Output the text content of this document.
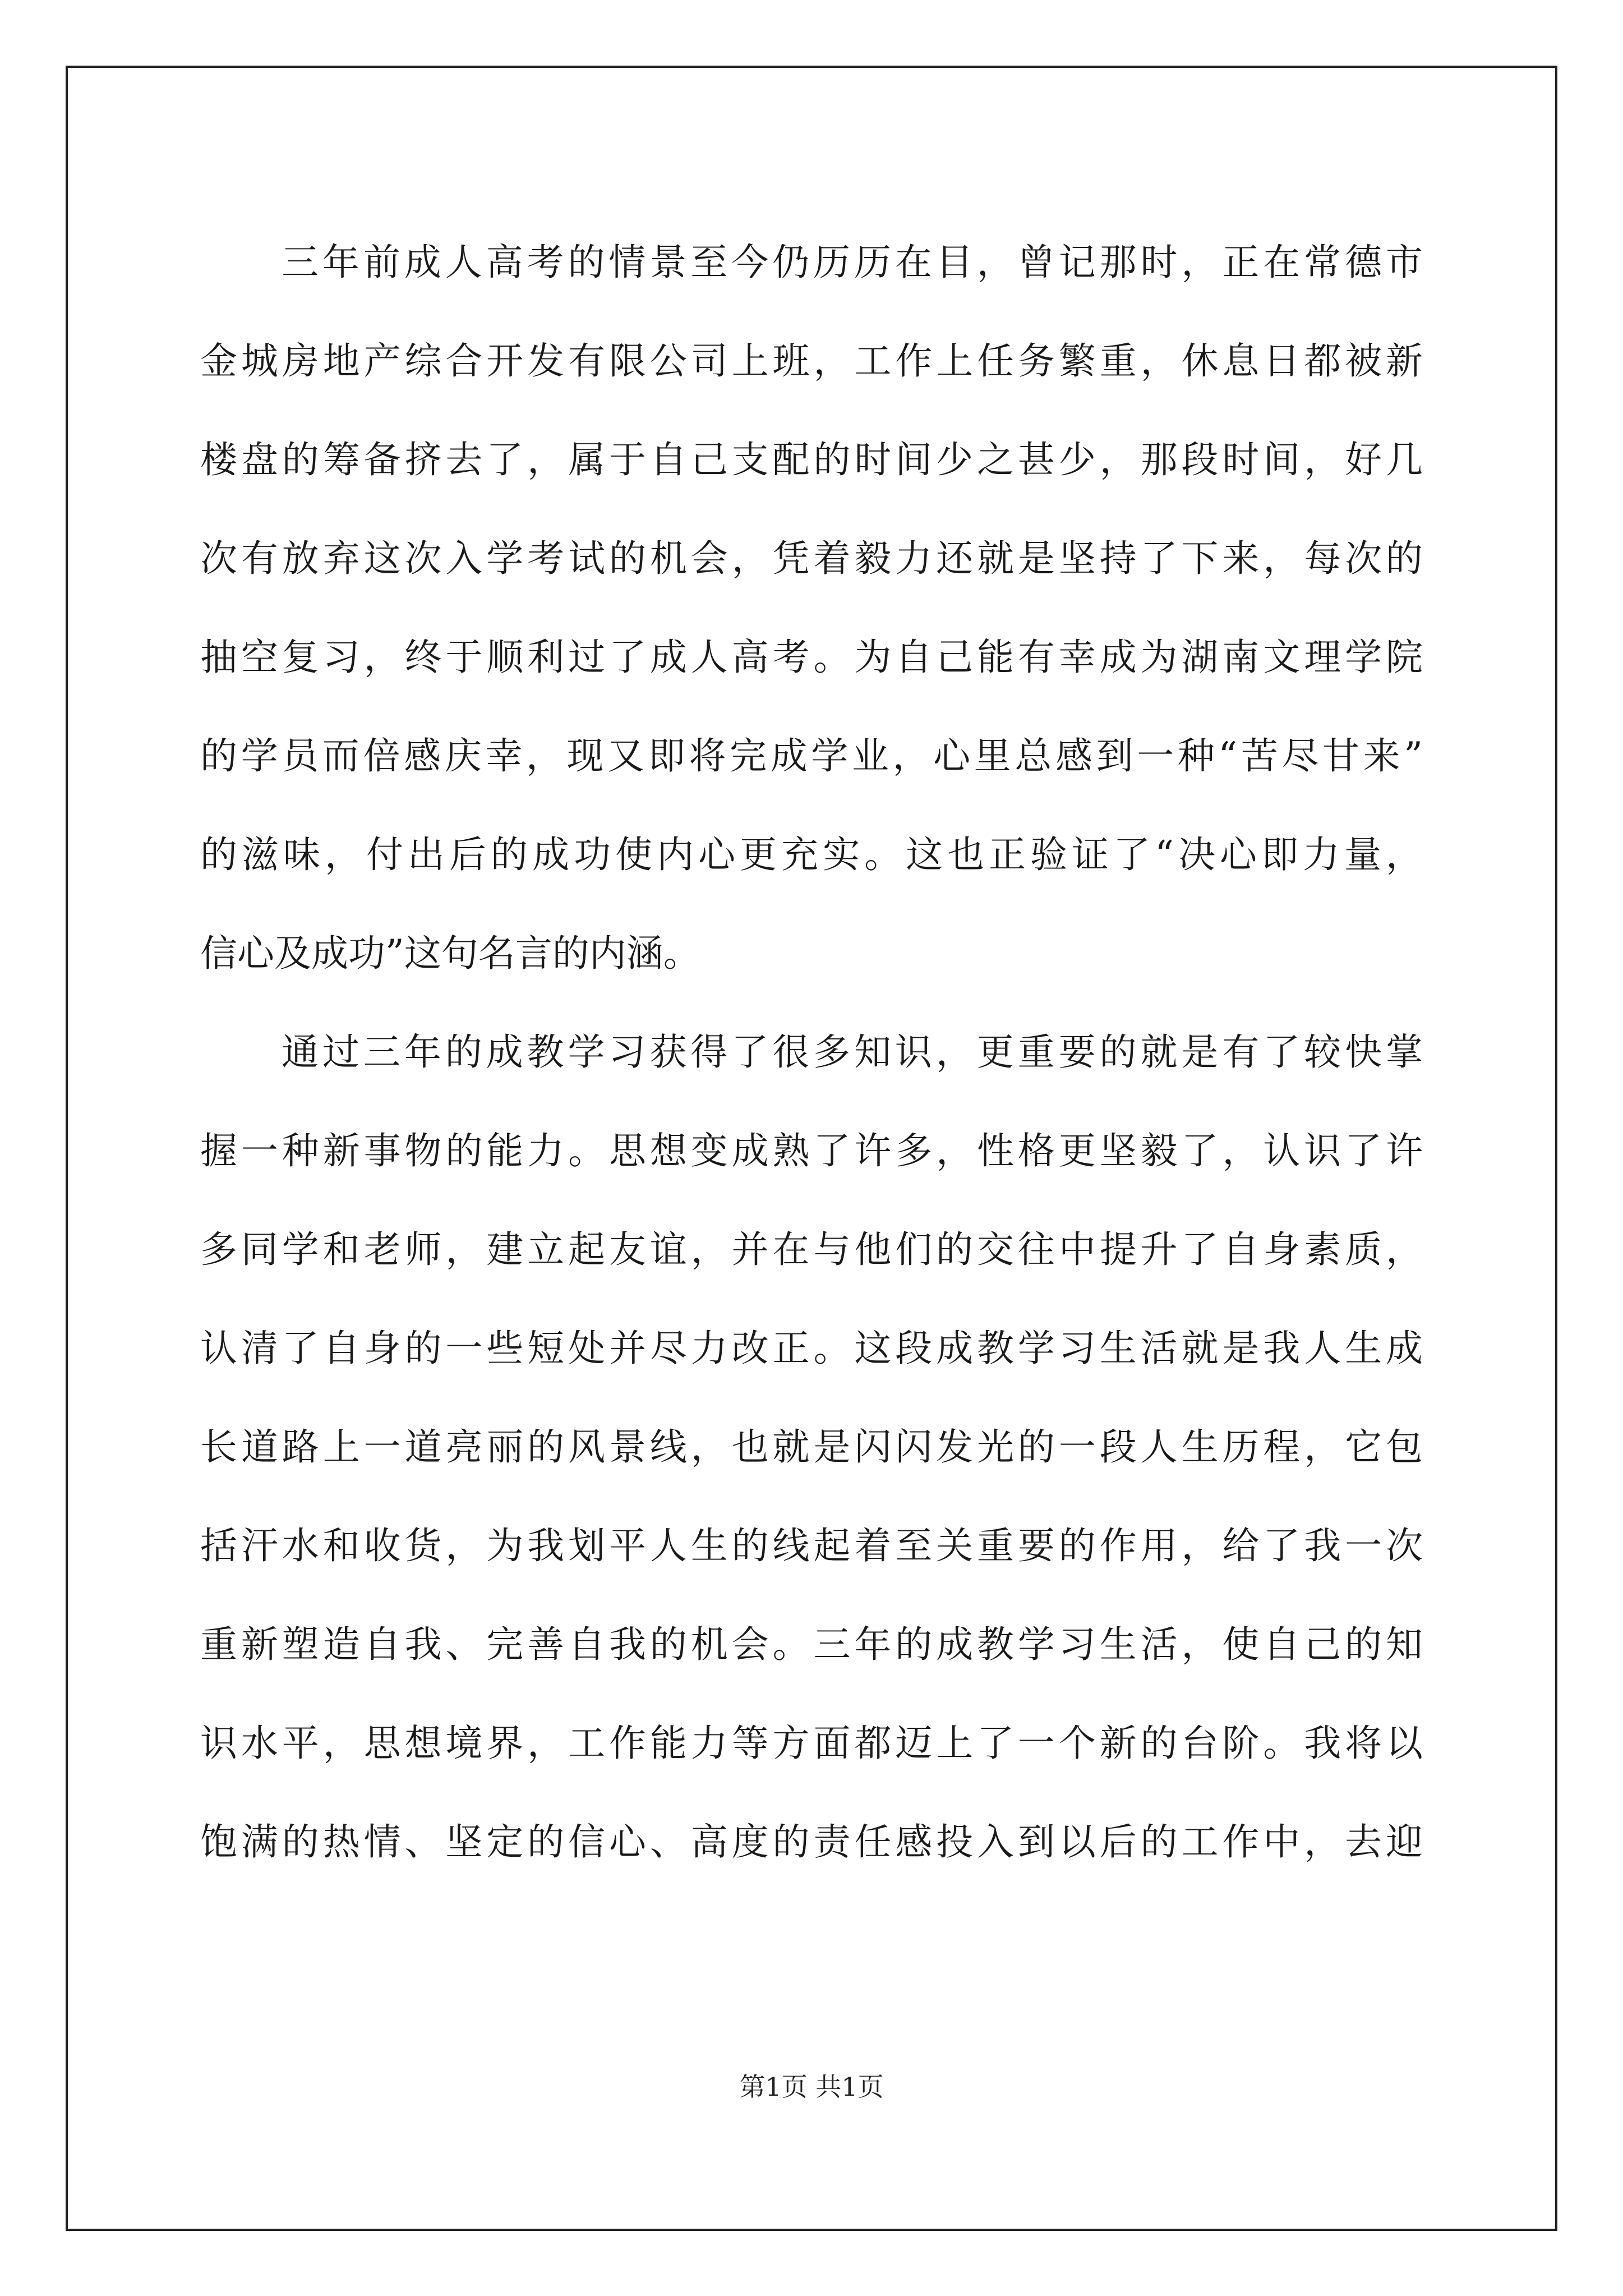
三年前成人高考的情景至今仍历历在目，曾记那时，正在常德市
金城房地产综合开发有限公司上班，工作上任务繁重，休息日都被新
楼盘的筹备挤去了，属于自己支配的时间少之甚少，那段时间，好几
次有放弃这次入学考试的机会，凭着毅力还就是坚持了下来，每次的
抽空复习，终于顺利过了成人高考。为自己能有幸成为湖南文理学院
的学员而倍感庆幸，现又即将完成学业，心里总感到一种“苦尽甘来”
的滋味，付出后的成功使内心更充实。这也正验证了“决心即力量，
信心及成功”这句名言的内涵。
通过三年的成教学习获得了很多知识，更重要的就是有了较快掌
握一种新事物的能力。思想变成熟了许多，性格更坚毅了，认识了许
多同学和老师，建立起友谊，并在与他们的交往中提升了自身素质，
认清了自身的一些短处并尽力改正。这段成教学习生活就是我人生成
长道路上一道亮丽的风景线，也就是闪闪发光的一段人生历程，它包
括汗水和收货，为我划平人生的线起着至关重要的作用，给了我一次
重新塑造自我、完善自我的机会。三年的成教学习生活，使自己的知
识水平，思想境界，工作能力等方面都迈上了一个新的台阶。我将以
饱满的热情、坚定的信心、高度的责任感投入到以后的工作中，去迎
第1页 共1页
